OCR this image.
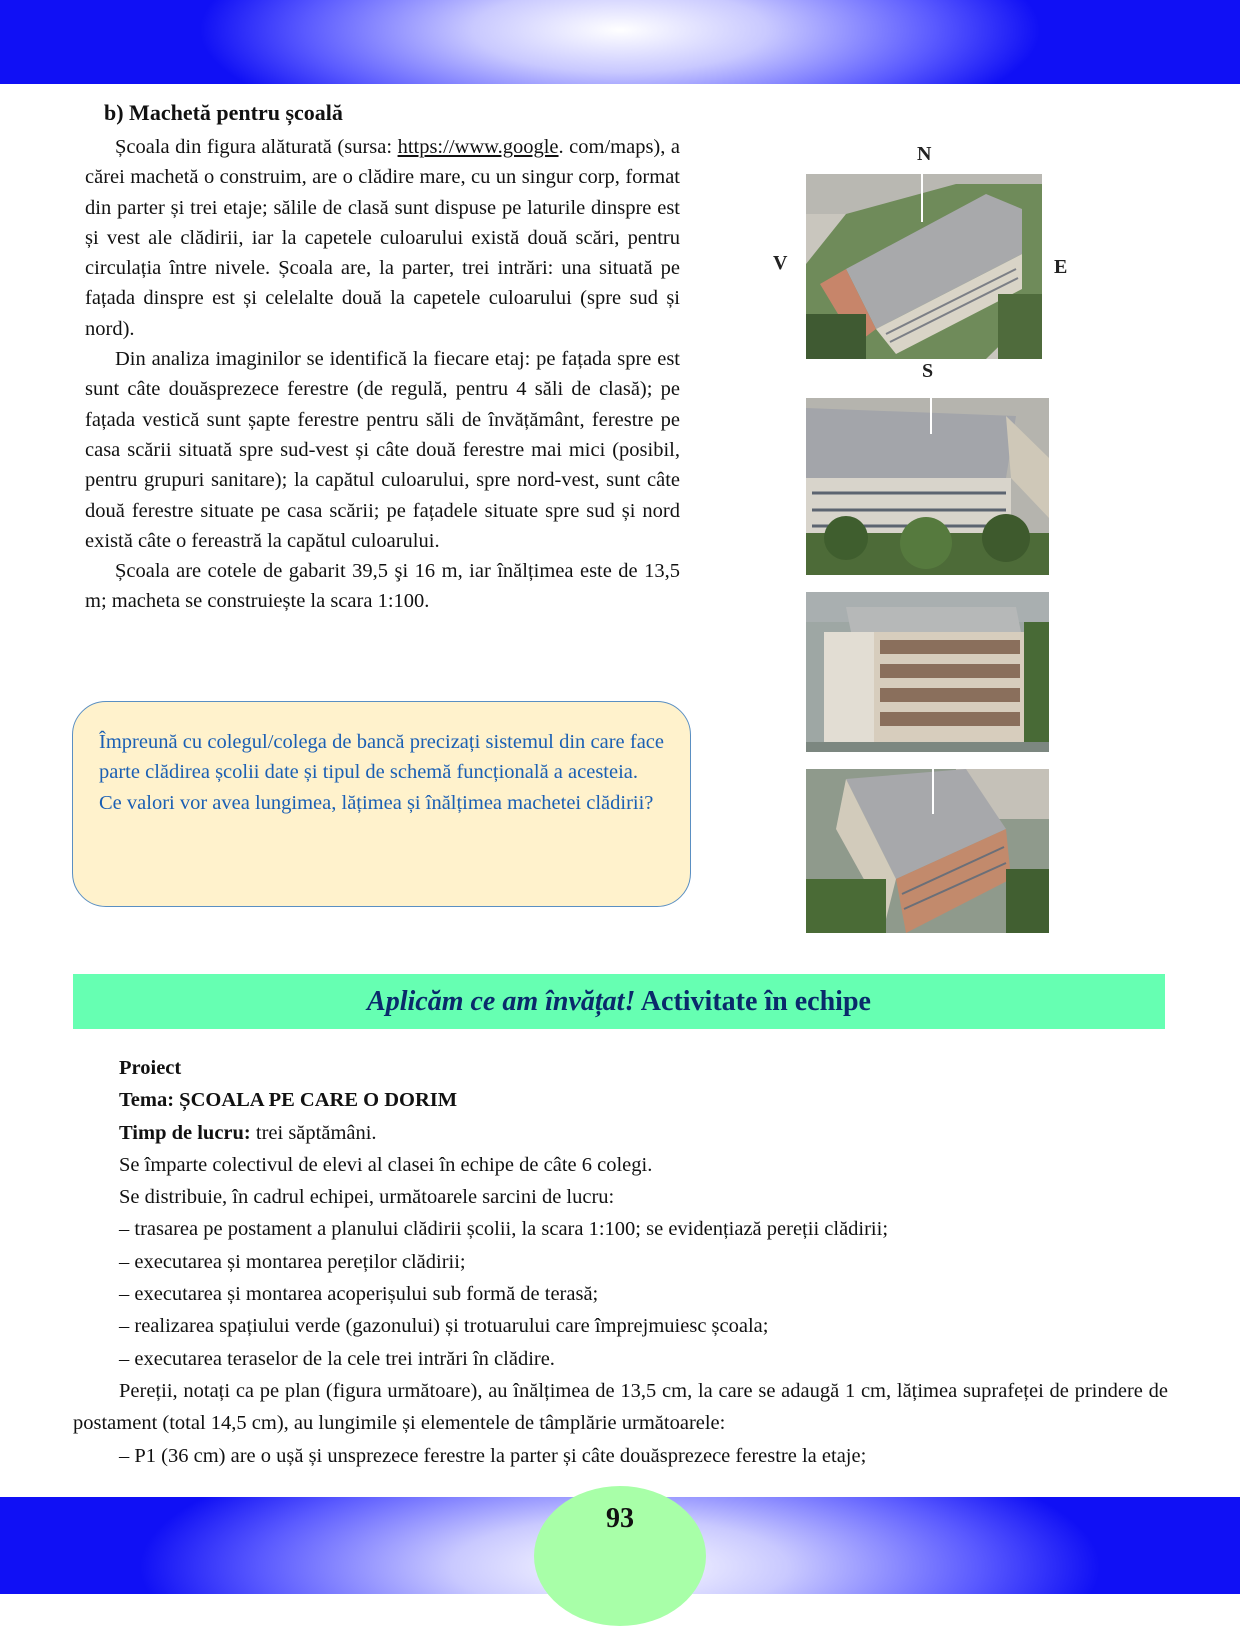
b) Machetă pentru școală

Școala din figura alăturată (sursa: https://www.google. com/maps), a cărei machetă o construim, are o clădire mare, cu un singur corp, format din parter și trei etaje; sălile de clasă sunt dispuse pe laturile dinspre est și vest ale clădirii, iar la capetele culoarului există două scări, pentru circulația între nivele. Școala are, la parter, trei intrări: una situată pe fațada dinspre est și celelalte două la capetele culoarului (spre sud și nord).

Din analiza imaginilor se identifică la fiecare etaj: pe fațada spre est sunt câte douăsprezece ferestre (de regulă, pentru 4 săli de clasă); pe fațada vestică sunt șapte ferestre pentru săli de învățământ, ferestre pe casa scării situată spre sud-vest și câte două ferestre mai mici (posibil, pentru grupuri sanitare); la capătul culoarului, spre nord-vest, sunt câte două ferestre situate pe casa scării; pe fațadele situate spre sud și nord există câte o fereastră la capătul culoarului.

Școala are cotele de gabarit 39,5 şi 16 m, iar înălțimea este de 13,5 m; macheta se construiește la scara 1:100.

Împreună cu colegul/colega de bancă precizați sistemul din care face parte clădirea școlii date și tipul de schemă funcțională a acesteia.

Ce valori vor avea lungimea, lățimea și înălțimea machetei clădirii?

N
V	E
S
Aplicăm ce am învățat! Activitate în echipe
Proiect
Tema: ȘCOALA PE CARE O DORIM
Timp de lucru: trei săptămâni.
Se împarte colectivul de elevi al clasei în echipe de câte 6 colegi.
Se distribuie, în cadrul echipei, următoarele sarcini de lucru:
– trasarea pe postament a planului clădirii școlii, la scara 1:100; se evidențiază pereții clădirii;
– executarea și montarea pereților clădirii;
– executarea și montarea acoperișului sub formă de terasă;
– realizarea spațiului verde (gazonului) și trotuarului care împrejmuiesc școala;
– executarea teraselor de la cele trei intrări în clădire.
Pereții, notați ca pe plan (figura următoare), au înălțimea de 13,5 cm, la care se adaugă 1 cm, lățimea suprafeței de prindere de postament (total 14,5 cm), au lungimile și elementele de tâmplărie următoarele:
– P1 (36 cm) are o ușă și unsprezece ferestre la parter și câte douăsprezece ferestre la etaje;
93
